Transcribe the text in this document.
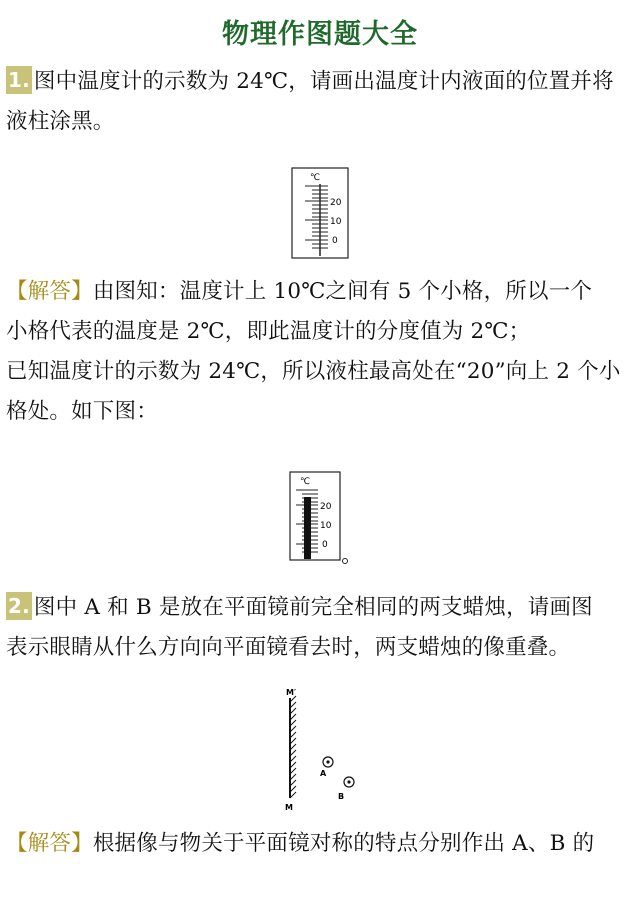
物理作图题大全
1. 图中温度计的示数为 24℃，请画出温度计内液面的位置并将
液柱涂黑。
℃
20
10
0
【解答】由图知：温度计上 10℃之间有 5 个小格，所以一个
小格代表的温度是 2℃，即此温度计的分度值为 2℃；
已知温度计的示数为 24℃，所以液柱最高处在“20”向上 2 个小
格处。如下图：
℃
20
10
0
2. 图中 A 和 B 是放在平面镜前完全相同的两支蜡烛，请画图
表示眼睛从什么方向向平面镜看去时，两支蜡烛的像重叠。
M′
M
A
B
【解答】根据像与物关于平面镜对称的特点分别作出 A、B 的
